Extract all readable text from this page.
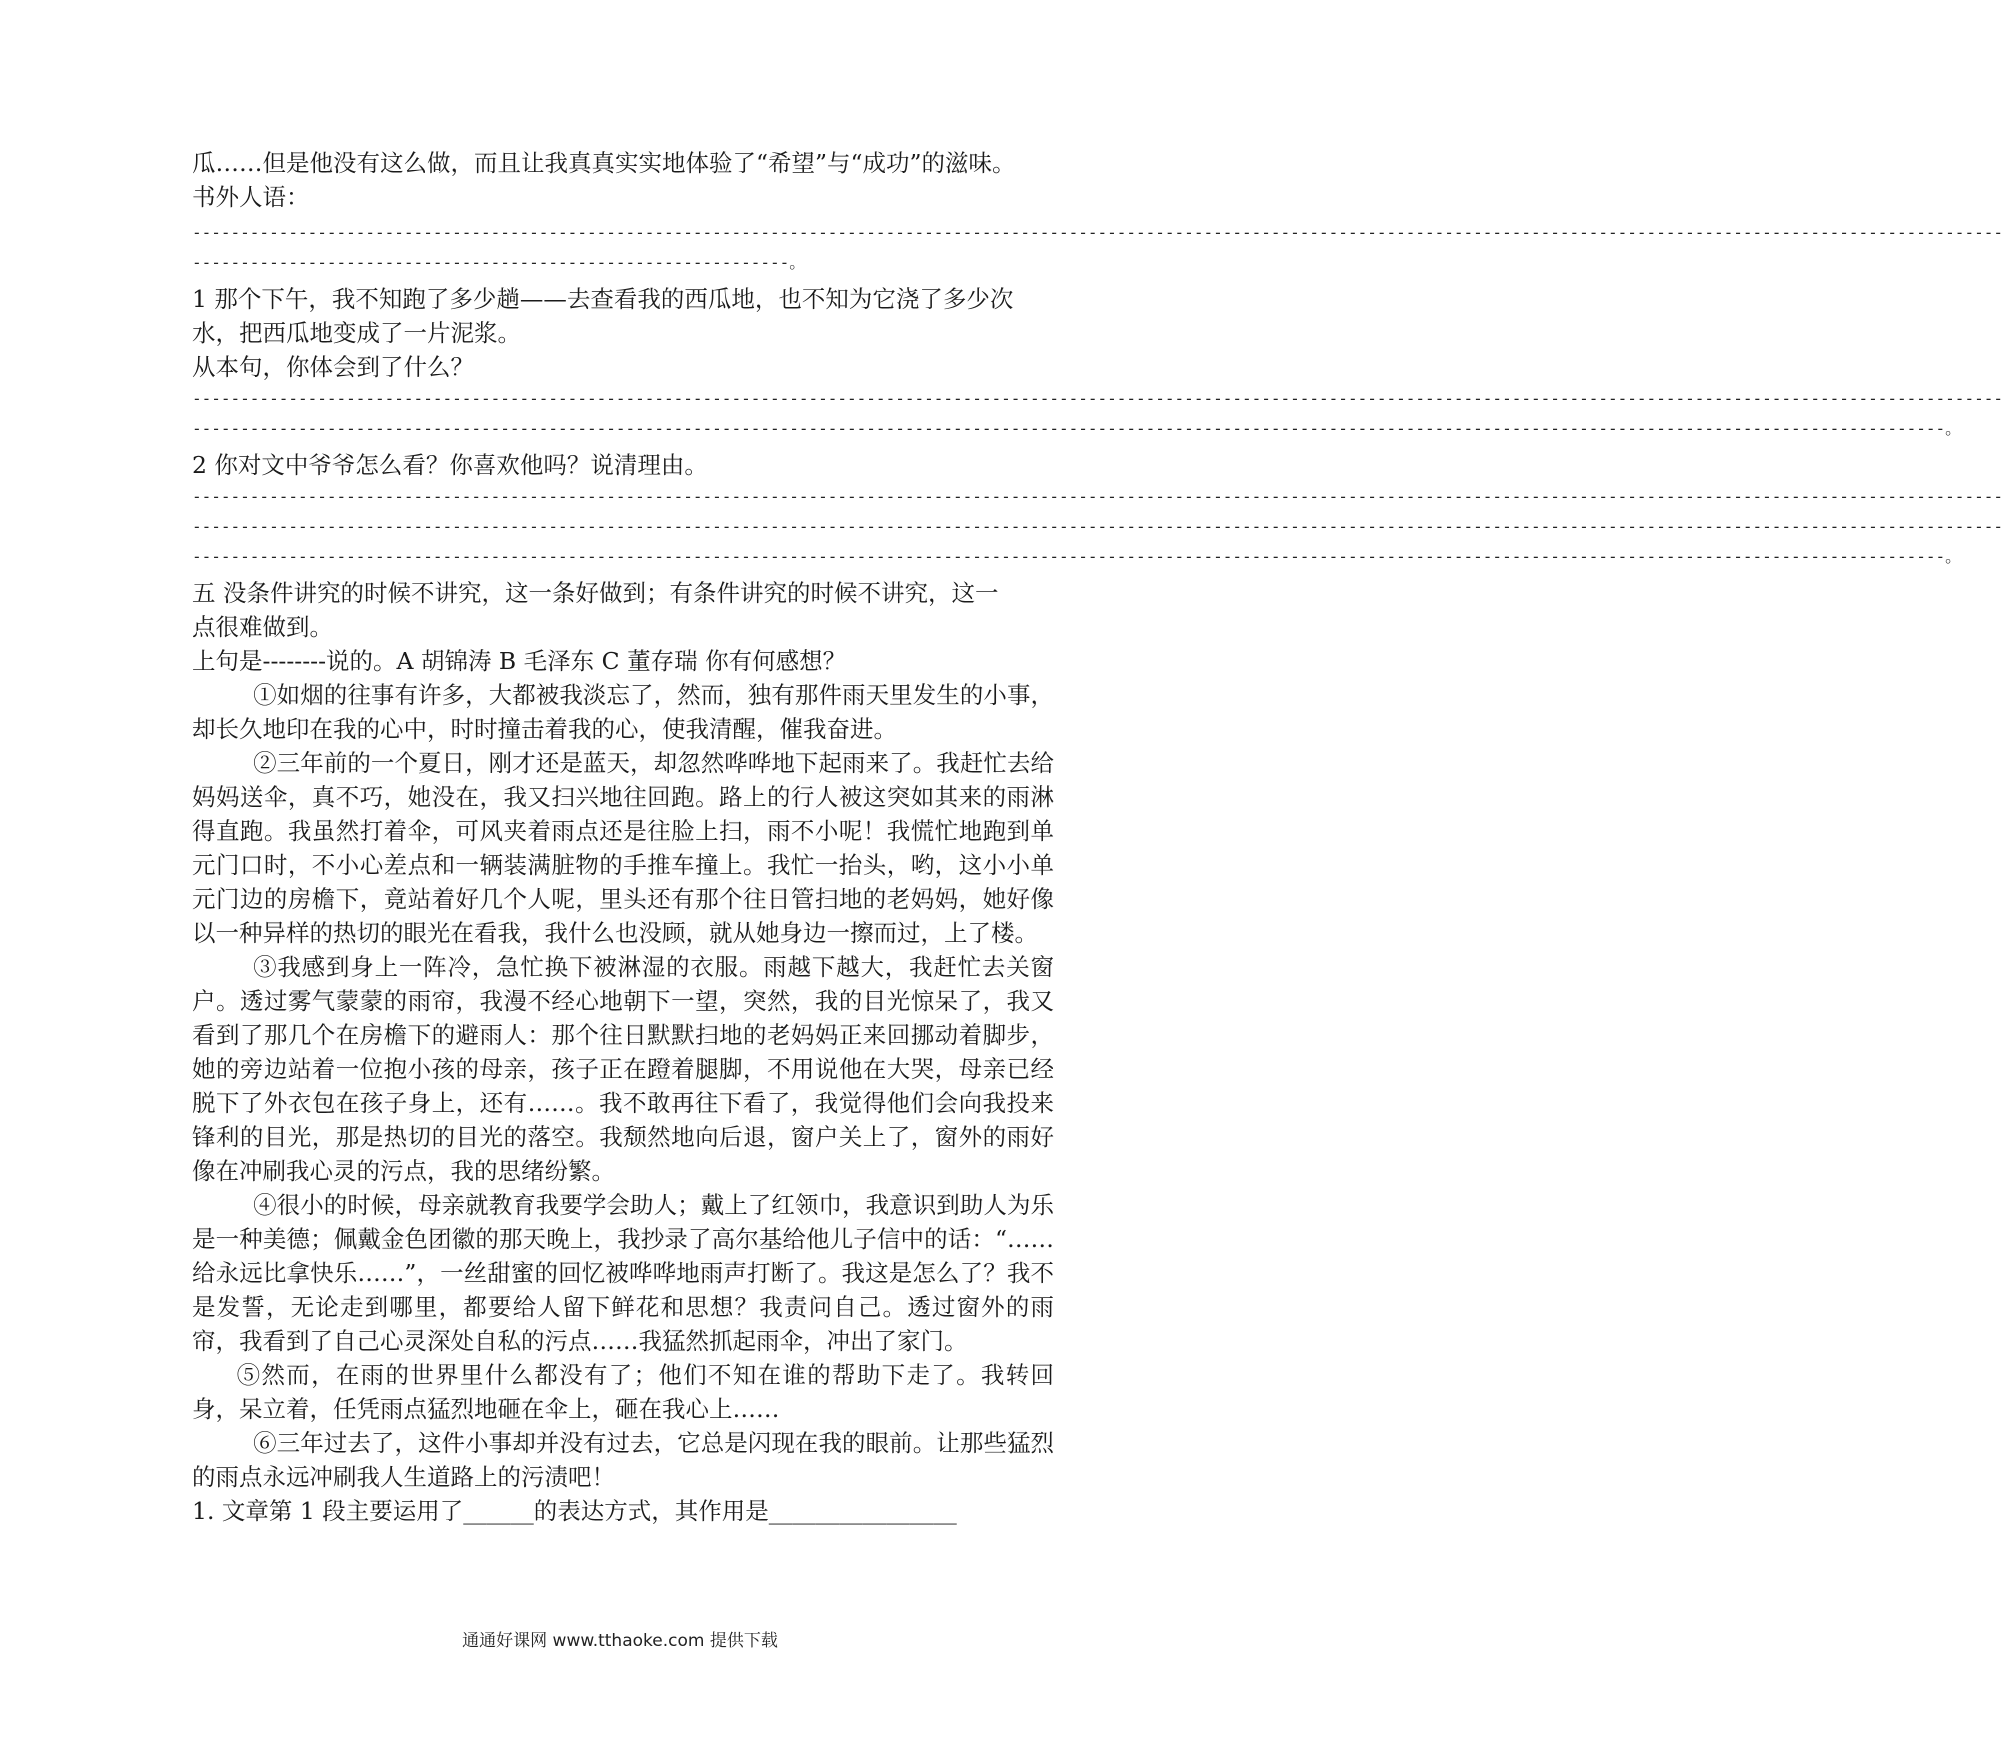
瓜……但是他没有这么做，而且让我真真实实地体验了“希望”与“成功”的滋味。

书外人语：

--------------------------------------------------------------------------------------------------------------------------------------------------------------------------------------------
--------------------------------------------------------------。

1 那个下午，我不知跑了多少趟——去查看我的西瓜地，也不知为它浇了多少次

水，把西瓜地变成了一片泥浆。

从本句，你体会到了什么？

--------------------------------------------------------------------------------------------------------------------------------------------------------------------------------------------
--------------------------------------------------------------------------------------------------------------------------------------------------------------------------------------。

2 你对文中爷爷怎么看？你喜欢他吗？说清理由。

--------------------------------------------------------------------------------------------------------------------------------------------------------------------------------------------
--------------------------------------------------------------------------------------------------------------------------------------------------------------------------------------------
--------------------------------------------------------------------------------------------------------------------------------------------------------------------------------------。

五 没条件讲究的时候不讲究，这一条好做到；有条件讲究的时候不讲究，这一

点很难做到。

上句是--------说的。A 胡锦涛 B 毛泽东 C 董存瑞 你有何感想？

①如烟的往事有许多，大都被我淡忘了，然而，独有那件雨天里发生的小事，却长久地印在我的心中，时时撞击着我的心，使我清醒，催我奋进。

②三年前的一个夏日，刚才还是蓝天，却忽然哗哗地下起雨来了。我赶忙去给妈妈送伞，真不巧，她没在，我又扫兴地往回跑。路上的行人被这突如其来的雨淋得直跑。我虽然打着伞，可风夹着雨点还是往脸上扫，雨不小呢！我慌忙地跑到单元门口时，不小心差点和一辆装满脏物的手推车撞上。我忙一抬头，哟，这小小单元门边的房檐下，竟站着好几个人呢，里头还有那个往日管扫地的老妈妈，她好像以一种异样的热切的眼光在看我，我什么也没顾，就从她身边一擦而过，上了楼。

③我感到身上一阵冷，急忙换下被淋湿的衣服。雨越下越大，我赶忙去关窗户。透过雾气蒙蒙的雨帘，我漫不经心地朝下一望，突然，我的目光惊呆了，我又看到了那几个在房檐下的避雨人：那个往日默默扫地的老妈妈正来回挪动着脚步，她的旁边站着一位抱小孩的母亲，孩子正在蹬着腿脚，不用说他在大哭，母亲已经脱下了外衣包在孩子身上，还有……。我不敢再往下看了，我觉得他们会向我投来锋利的目光，那是热切的目光的落空。我颓然地向后退，窗户关上了，窗外的雨好像在冲刷我心灵的污点，我的思绪纷繁。

④很小的时候，母亲就教育我要学会助人；戴上了红领巾，我意识到助人为乐是一种美德；佩戴金色团徽的那天晚上，我抄录了高尔基给他儿子信中的话：“……给永远比拿快乐……”，一丝甜蜜的回忆被哗哗地雨声打断了。我这是怎么了？我不是发誓，无论走到哪里，都要给人留下鲜花和思想？我责问自己。透过窗外的雨帘，我看到了自己心灵深处自私的污点……我猛然抓起雨伞，冲出了家门。

⑤然而，在雨的世界里什么都没有了；他们不知在谁的帮助下走了。我转回身，呆立着，任凭雨点猛烈地砸在伞上，砸在我心上……

⑥三年过去了，这件小事却并没有过去，它总是闪现在我的眼前。让那些猛烈的雨点永远冲刷我人生道路上的污渍吧！

1. 文章第 1 段主要运用了______的表达方式，其作用是________________

通通好课网 www.tthaoke.com 提供下载
